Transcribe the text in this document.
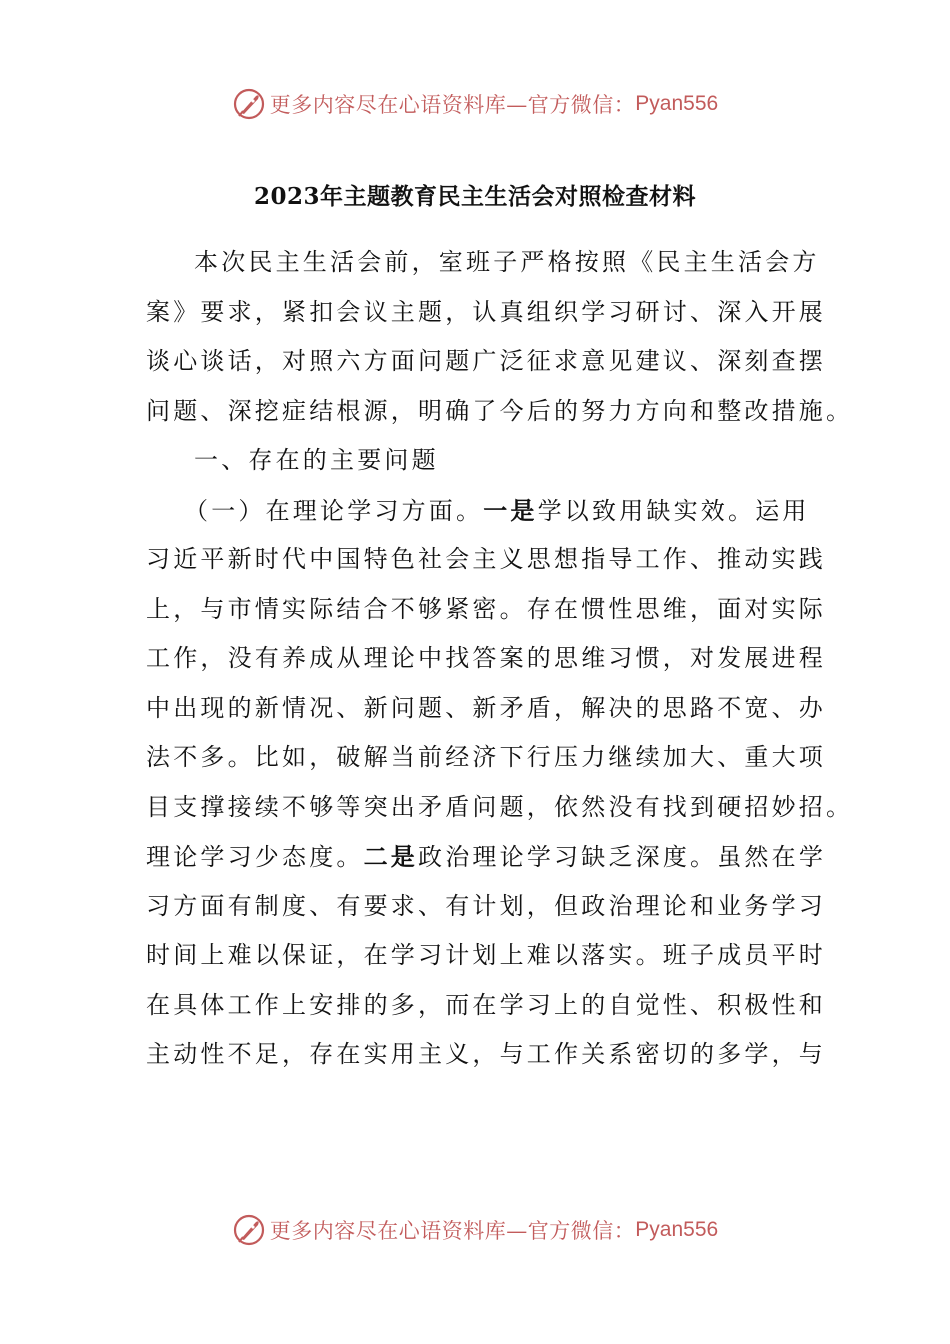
更多内容尽在心语资料库—官方微信： Pyan556
2023年主题教育民主生活会对照检查材料
本次民主生活会前，室班子严格按照《民主生活会方
案》要求，紧扣会议主题，认真组织学习研讨、深入开展
谈心谈话，对照六方面问题广泛征求意见建议、深刻查摆
问题、深挖症结根源，明确了今后的努力方向和整改措施。
一、存在的主要问题
（一）在理论学习方面。一是学以致用缺实效。运用
习近平新时代中国特色社会主义思想指导工作、推动实践
上，与市情实际结合不够紧密。存在惯性思维，面对实际
工作，没有养成从理论中找答案的思维习惯，对发展进程
中出现的新情况、新问题、新矛盾，解决的思路不宽、办
法不多。比如，破解当前经济下行压力继续加大、重大项
目支撑接续不够等突出矛盾问题，依然没有找到硬招妙招。
理论学习少态度。二是政治理论学习缺乏深度。虽然在学
习方面有制度、有要求、有计划，但政治理论和业务学习
时间上难以保证，在学习计划上难以落实。班子成员平时
在具体工作上安排的多，而在学习上的自觉性、积极性和
主动性不足，存在实用主义，与工作关系密切的多学，与
更多内容尽在心语资料库—官方微信： Pyan556
